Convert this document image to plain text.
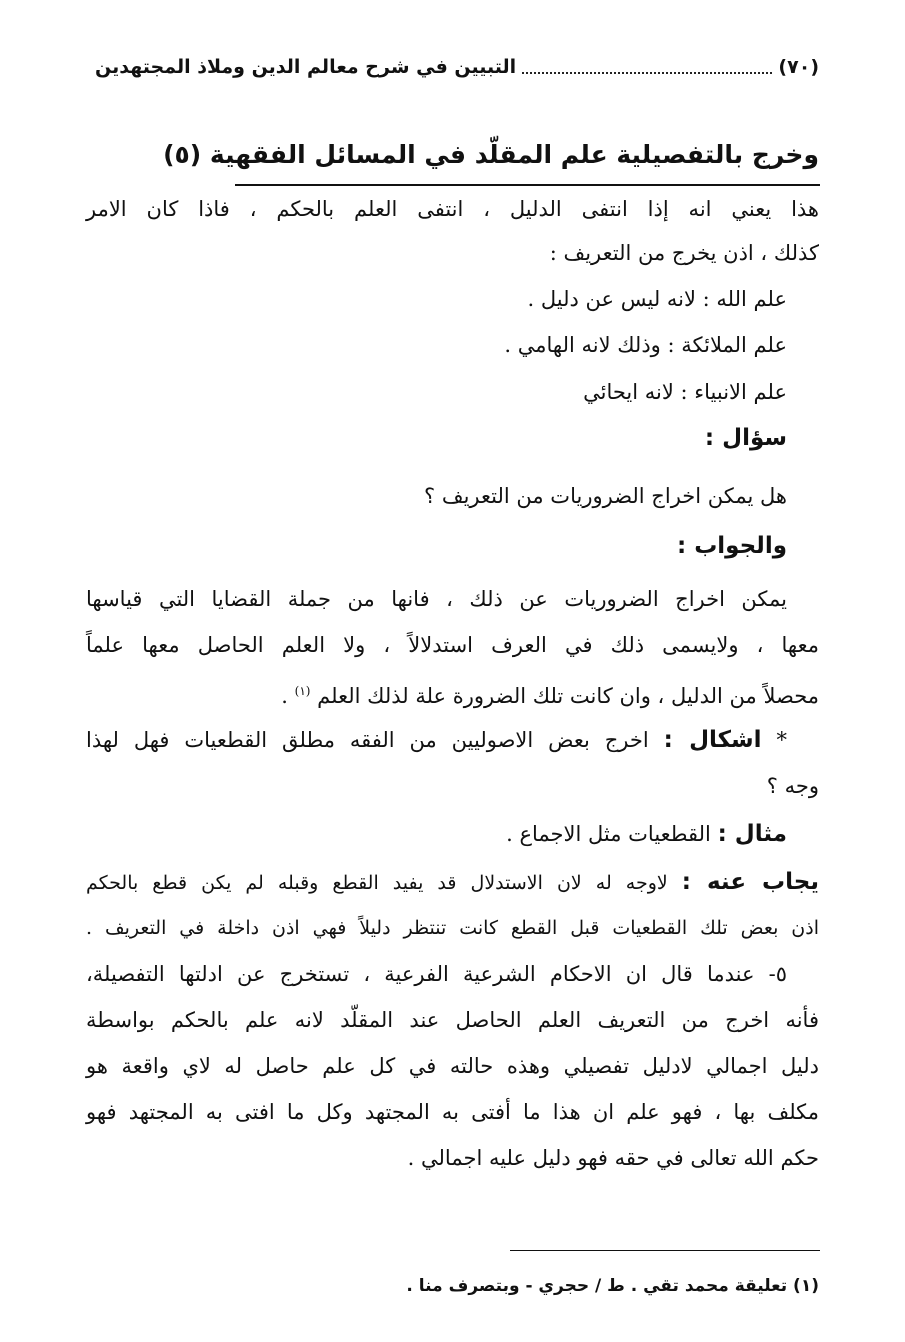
(٧٠)
التبيين في شرح معالم الدين وملاذ المجتهدين
وخرج بالتفصيلية علم المقلّد في المسائل الفقهية (٥)
هذا يعني انه إذا انتفى الدليل ، انتفى العلم بالحكم ، فاذا كان الامر
كذلك ، اذن يخرج من التعريف :
علم الله : لانه ليس عن دليل .
علم الملائكة : وذلك لانه الهامي .
علم الانبياء : لانه ايحائي
سؤال :
هل يمكن اخراج الضروريات من التعريف ؟
والجواب :
يمكن اخراج الضروريات عن ذلك ، فانها من جملة القضايا التي قياسها
معها ، ولايسمى ذلك في العرف استدلالاً ، ولا العلم الحاصل معها علماً
محصلاً من الدليل ، وان كانت تلك الضرورة علة لذلك العلم $^{(١)}$ .
* اشكال : اخرج بعض الاصوليين من الفقه مطلق القطعيات فهل لهذا
وجه ؟
مثال : القطعيات مثل الاجماع .
يجاب عنه : لاوجه له لان الاستدلال قد يفيد القطع وقبله لم يكن قطع بالحكم
اذن بعض تلك القطعيات قبل القطع كانت تنتظر دليلاً فهي اذن داخلة في التعريف .
٥- عندما قال ان الاحكام الشرعية الفرعية ، تستخرج عن ادلتها التفصيلة،
فأنه اخرج من التعريف العلم الحاصل عند المقلّد لانه علم بالحكم بواسطة
دليل اجمالي لادليل تفصيلي وهذه حالته في كل علم حاصل له لاي واقعة هو
مكلف بها ، فهو علم ان هذا ما أفتى به المجتهد وكل ما افتى به المجتهد فهو
حكم الله تعالى في حقه فهو دليل عليه اجمالي .
(١) تعليقة محمد تقي . ط / حجري - وبتصرف منا .
